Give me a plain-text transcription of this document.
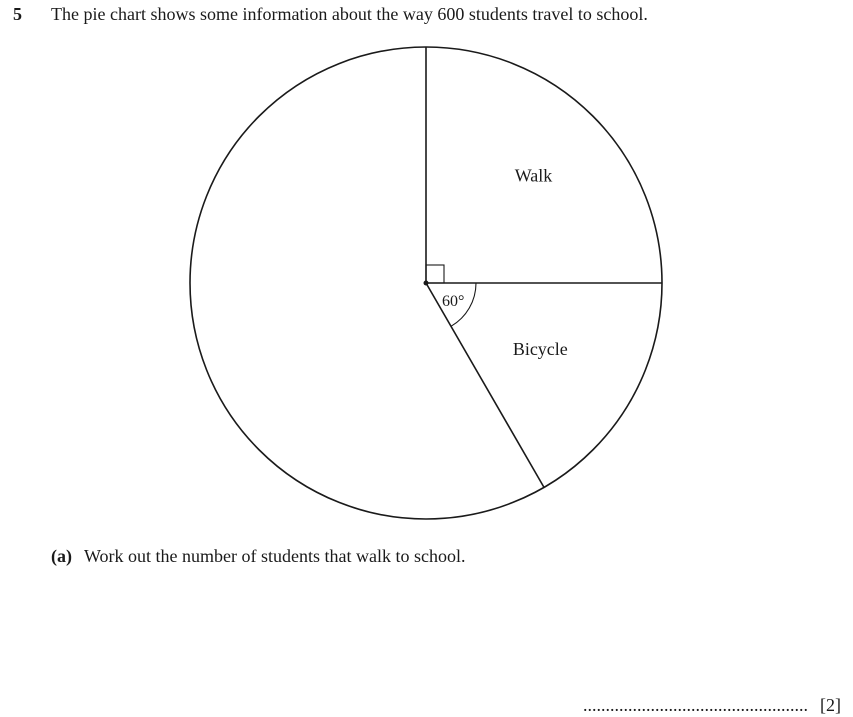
5 The pie chart shows some information about the way 600 students travel to school.
Walk
Bicycle
60°
(a) Work out the number of students that walk to school.
.................................................. [2]
